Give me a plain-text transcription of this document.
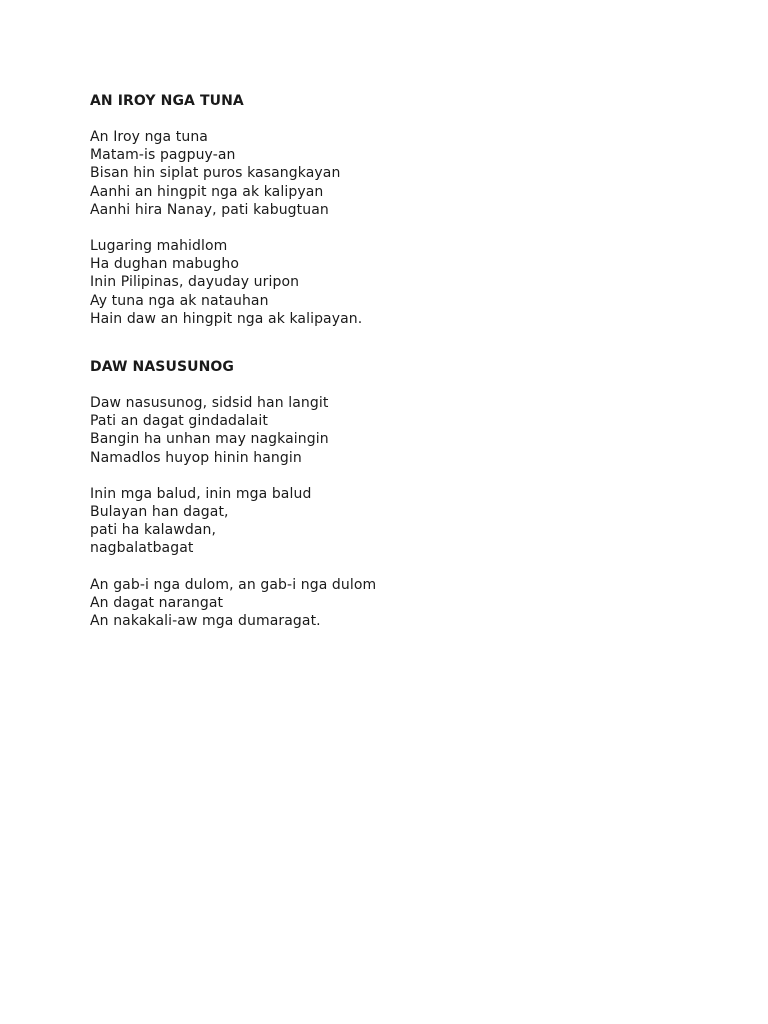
AN IROY NGA TUNA
An Iroy nga tuna
Matam-is pagpuy-an
Bisan hin siplat puros kasangkayan
Aanhi an hingpit nga ak kalipyan
Aanhi hira Nanay, pati kabugtuan
Lugaring mahidlom
Ha dughan mabugho
Inin Pilipinas, dayuday uripon
Ay tuna nga ak natauhan
Hain daw an hingpit nga ak kalipayan.
DAW NASUSUNOG
Daw nasusunog, sidsid han langit
Pati an dagat gindadalait
Bangin ha unhan may nagkaingin
Namadlos huyop hinin hangin
Inin mga balud, inin mga balud
Bulayan han dagat,
pati ha kalawdan,
nagbalatbagat
An gab-i nga dulom, an gab-i nga dulom
An dagat narangat
An nakakali-aw mga dumaragat.
